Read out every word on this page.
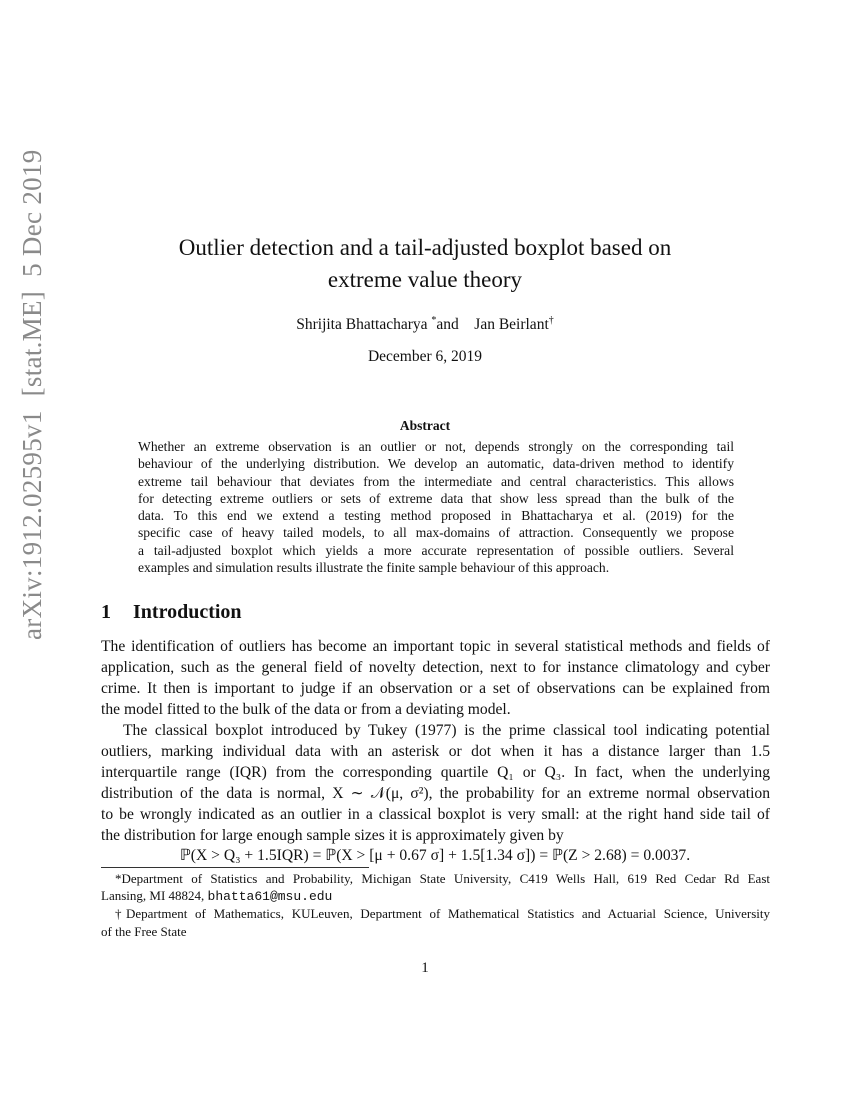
arXiv:1912.02595v1[stat.ME]5 Dec 2019	Outlier detection and a tail-adjusted boxplot based on
extreme value theory
Shrijita Bhattacharya *and Jan Beirlant†
December 6, 2019
Abstract
Whether an extreme observation is an outlier or not, depends strongly on the corresponding tail
behaviour of the underlying distribution. We develop an automatic, data-driven method to identify
extreme tail behaviour that deviates from the intermediate and central characteristics. This allows
for detecting extreme outliers or sets of extreme data that show less spread than the bulk of the
data. To this end we extend a testing method proposed in Bhattacharya et al. (2019) for the
specific case of heavy tailed models, to all max-domains of attraction. Consequently we propose
a tail-adjusted boxplot which yields a more accurate representation of possible outliers. Several
examples and simulation results illustrate the finite sample behaviour of this approach.
1 Introduction
The identification of outliers has become an important topic in several statistical methods and fields of
application, such as the general field of novelty detection, next to for instance climatology and cyber
crime. It then is important to judge if an observation or a set of observations can be explained from
the model fitted to the bulk of the data or from a deviating model.
The classical boxplot introduced by Tukey (1977) is the prime classical tool indicating potential
outliers, marking individual data with an asterisk or dot when it has a distance larger than 1.5
interquartile range (IQR) from the corresponding quartile Q₁ or Q₃. In fact, when the underlying
distribution of the data is normal, X ∼ 𝒩(μ, σ²), the probability for an extreme normal observation
to be wrongly indicated as an outlier in a classical boxplot is very small: at the right hand side tail of
the distribution for large enough sample sizes it is approximately given by
ℙ(X > Q₃ + 1.5IQR) = ℙ(X > [μ + 0.67 σ] + 1.5[1.34 σ]) = ℙ(Z > 2.68) = 0.0037.
*Department of Statistics and Probability, Michigan State University, C419 Wells Hall, 619 Red Cedar Rd East
Lansing, MI 48824, bhatta61@msu.edu
†Department of Mathematics, KULeuven, Department of Mathematical Statistics and Actuarial Science, University
of the Free State
1
